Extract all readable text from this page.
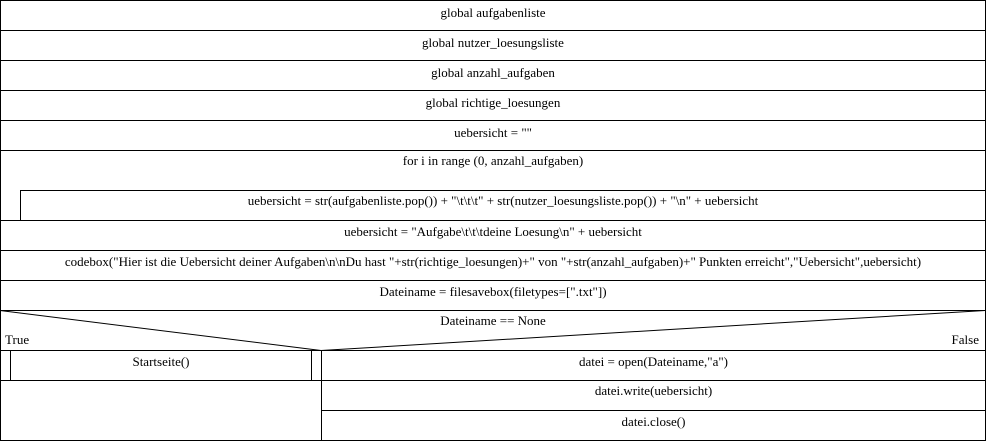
global aufgabenliste
global nutzer_loesungsliste
global anzahl_aufgaben
global richtige_loesungen
uebersicht = ""
for i in range (0, anzahl_aufgaben)
uebersicht = str(aufgabenliste.pop()) + "\t\t\t" + str(nutzer_loesungsliste.pop()) + "\n" + uebersicht
uebersicht = "Aufgabe\t\t\tdeine Loesung\n" + uebersicht
codebox("Hier ist die Uebersicht deiner Aufgaben\n\nDu hast "+str(richtige_loesungen)+" von "+str(anzahl_aufgaben)+" Punkten erreicht","Uebersicht",uebersicht)
Dateiname = filesavebox(filetypes=[".txt"])
Dateiname == None
True	False
Startseite()	datei = open(Dateiname,"a")
datei.write(uebersicht)
datei.close()
